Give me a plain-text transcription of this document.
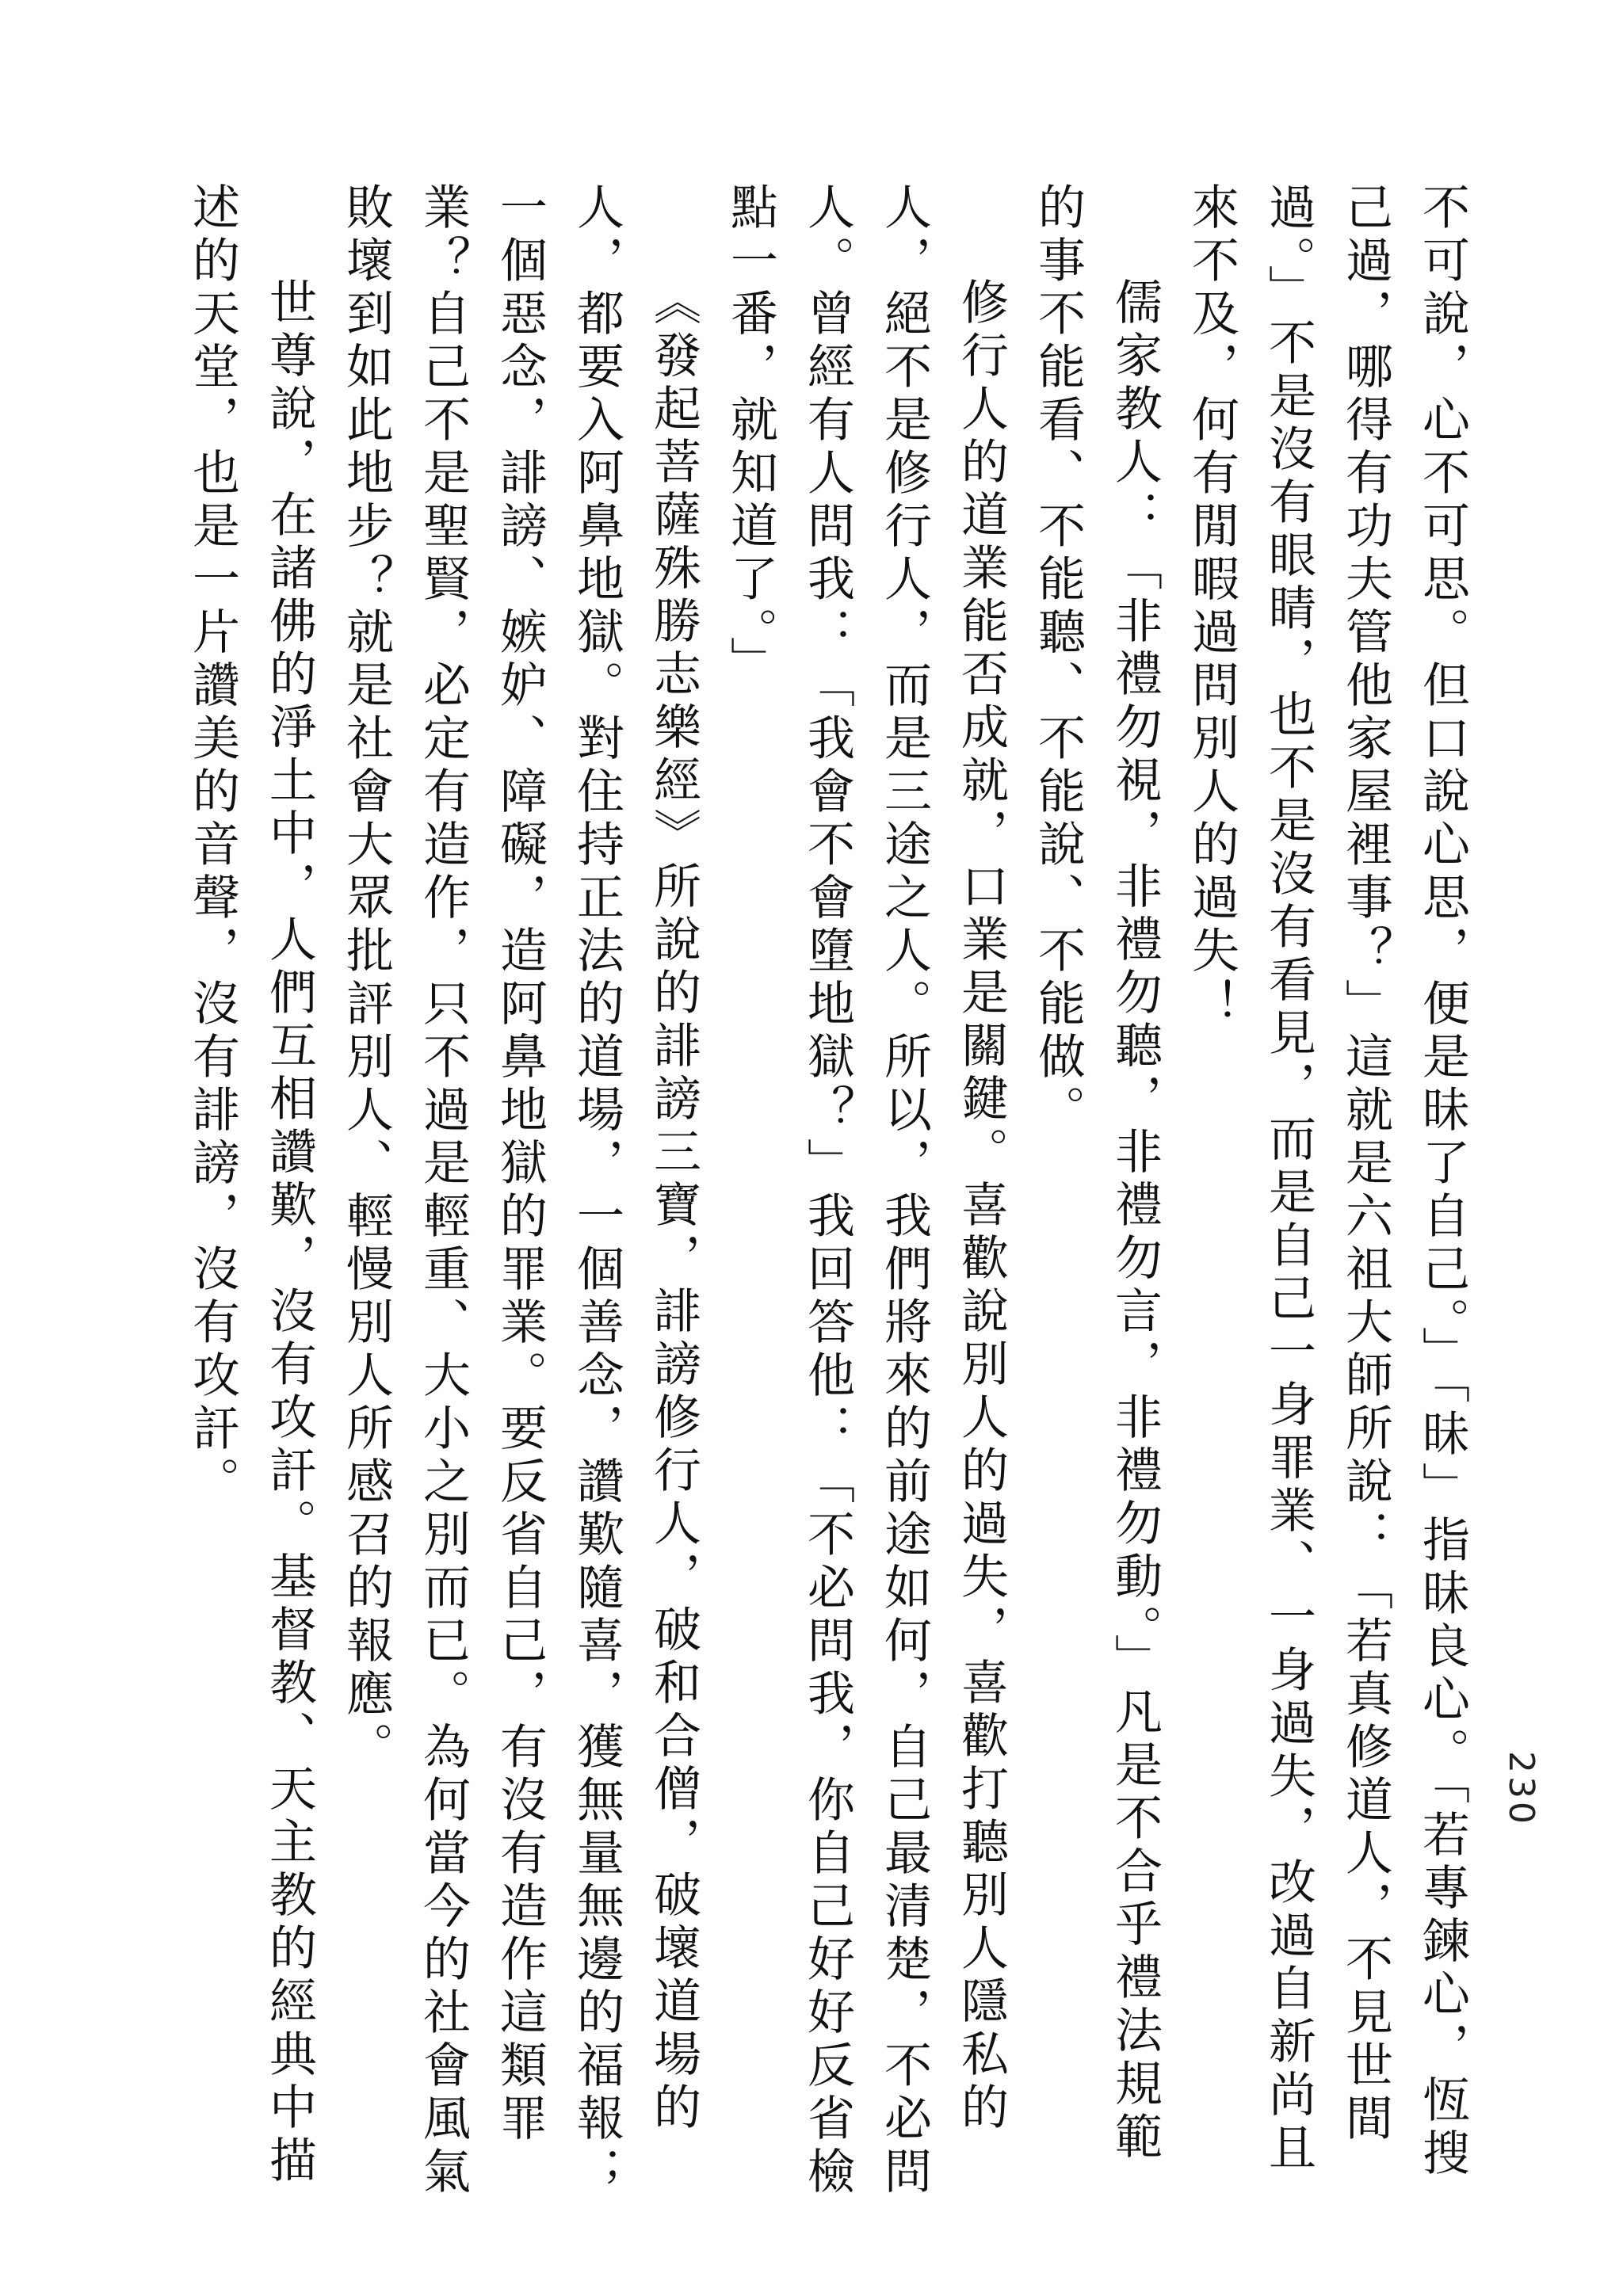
230

不可說，心不可思。但口說心思，便是昧了自己。」「昧」指昧良心。「若專鍊心，恆搜己過，哪得有功夫管他家屋裡事？」這就是六祖大師所說：「若真修道人，不見世間過。」不是沒有眼睛，也不是沒有看見，而是自己一身罪業、一身過失，改過自新尚且來不及，何有閒暇過問別人的過失！

儒家教人：「非禮勿視，非禮勿聽，非禮勿言，非禮勿動。」凡是不合乎禮法規範的事不能看、不能聽、不能說、不能做。

修行人的道業能否成就，口業是關鍵。喜歡說別人的過失，喜歡打聽別人隱私的人，絕不是修行人，而是三途之人。所以，我們將來的前途如何，自己最清楚，不必問人。曾經有人問我：「我會不會墮地獄？」我回答他：「不必問我，你自己好好反省檢點一番，就知道了。」

《發起菩薩殊勝志樂經》所說的誹謗三寶，誹謗修行人，破和合僧，破壞道場的人，都要入阿鼻地獄。對住持正法的道場，一個善念，讚歎隨喜，獲無量無邊的福報；一個惡念，誹謗、嫉妒、障礙，造阿鼻地獄的罪業。要反省自己，有沒有造作這類罪業？自己不是聖賢，必定有造作，只不過是輕重、大小之別而已。為何當今的社會風氣敗壞到如此地步？就是社會大眾批評別人、輕慢別人所感召的報應。

世尊說，在諸佛的淨土中，人們互相讚歎，沒有攻訐。基督教、天主教的經典中描述的天堂，也是一片讚美的音聲，沒有誹謗，沒有攻訐。
